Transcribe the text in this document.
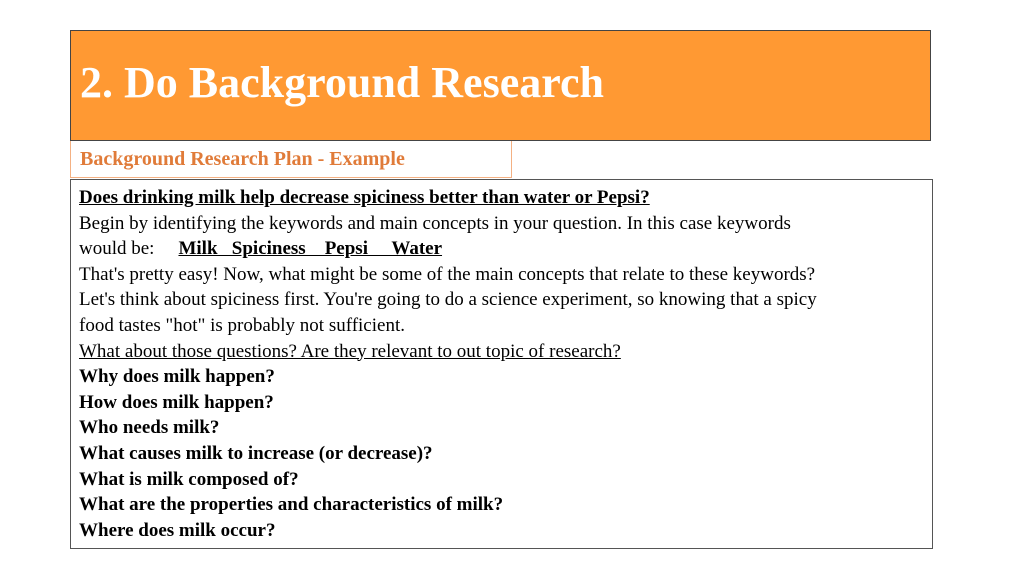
2. Do Background Research
Background Research Plan - Example
Does drinking milk help decrease spiciness better than water or Pepsi?
Begin by identifying the keywords and main concepts in your question. In this case keywords
would be: Milk   Spiciness    Pepsi     Water
That's pretty easy! Now, what might be some of the main concepts that relate to these keywords?
Let's think about spiciness first. You're going to do a science experiment, so knowing that a spicy
food tastes "hot" is probably not sufficient.
What about those questions? Are they relevant to out topic of research?
Why does milk happen?
How does milk happen?
Who needs milk?
What causes milk to increase (or decrease)?
What is milk composed of?
What are the properties and characteristics of milk?
Where does milk occur?
